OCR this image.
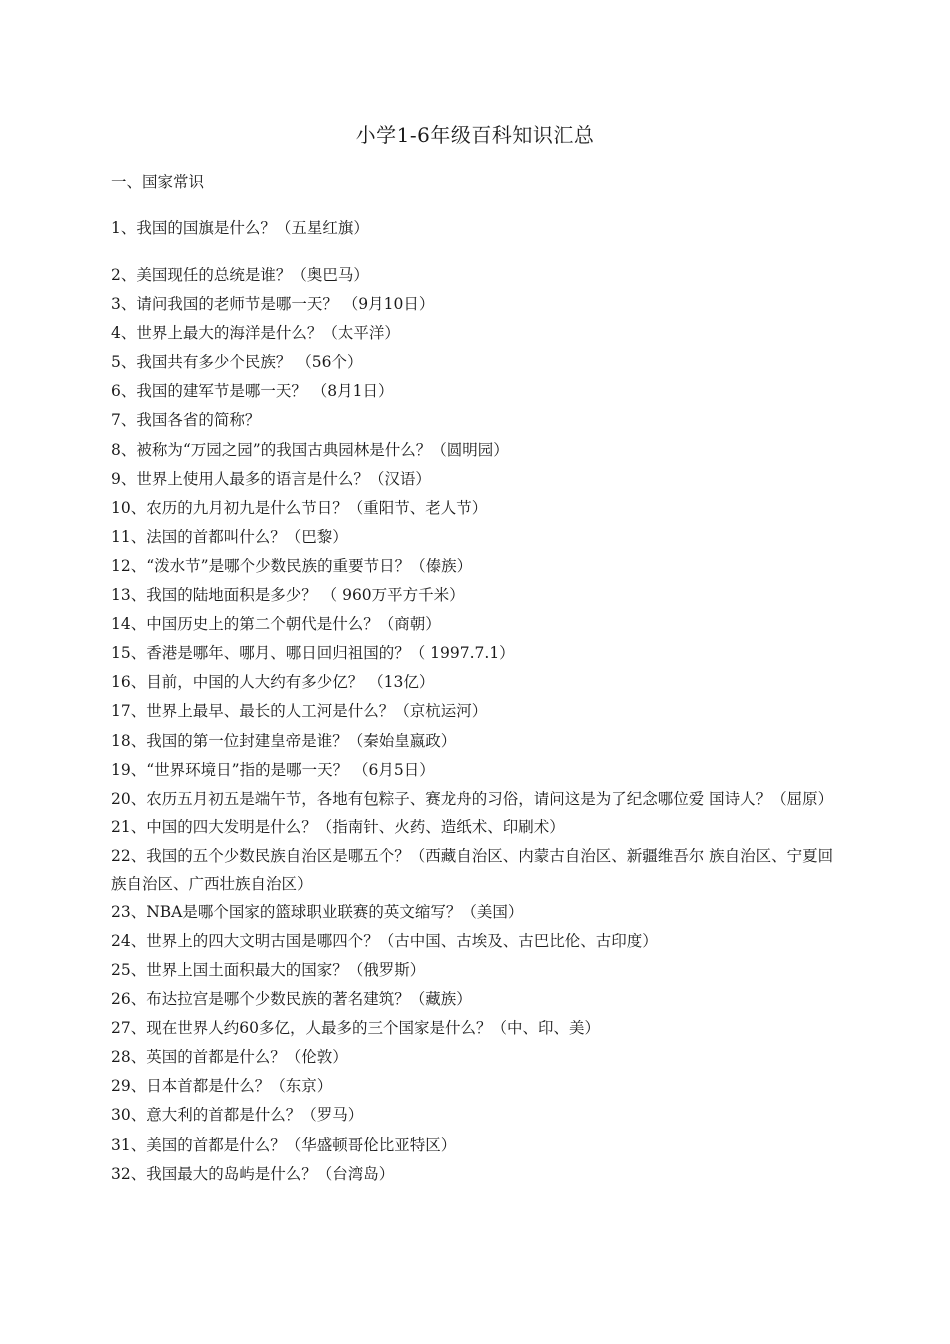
小学1-6年级百科知识汇总
一、国家常识
1、我国的国旗是什么？（五星红旗）
2、美国现任的总统是谁？（奥巴马）
3、请问我国的老师节是哪一天？ （9月10日）
4、世界上最大的海洋是什么？（太平洋）
5、我国共有多少个民族？ （56个）
6、我国的建军节是哪一天？ （8月1日）
7、我国各省的简称？
8、被称为“万园之园”的我国古典园林是什么？（圆明园）
9、世界上使用人最多的语言是什么？（汉语）
10、农历的九月初九是什么节日？（重阳节、老人节）
11、法国的首都叫什么？（巴黎）
12、“泼水节”是哪个少数民族的重要节日？（傣族）
13、我国的陆地面积是多少？ （ 960万平方千米）
14、中国历史上的第二个朝代是什么？（商朝）
15、香港是哪年、哪月、哪日回归祖国的？（ 1997.7.1）
16、目前，中国的人大约有多少亿？ （13亿）
17、世界上最早、最长的人工河是什么？（京杭运河）
18、我国的第一位封建皇帝是谁？（秦始皇嬴政）
19、“世界环境日”指的是哪一天？ （6月5日）
20、农历五月初五是端午节，各地有包粽子、赛龙舟的习俗，请问这是为了纪念哪位爱 国诗人？（屈原）
21、中国的四大发明是什么？（指南针、火药、造纸术、印刷术）
22、我国的五个少数民族自治区是哪五个？（西藏自治区、内蒙古自治区、新疆维吾尔 族自治区、宁夏回族自治区、广西壮族自治区）
23、NBA是哪个国家的篮球职业联赛的英文缩写？（美国）
24、世界上的四大文明古国是哪四个？（古中国、古埃及、古巴比伦、古印度）
25、世界上国土面积最大的国家？（俄罗斯）
26、布达拉宫是哪个少数民族的著名建筑？（藏族）
27、现在世界人约60多亿，人最多的三个国家是什么？（中、印、美）
28、英国的首都是什么？（伦敦）
29、日本首都是什么？（东京）
30、意大利的首都是什么？（罗马）
31、美国的首都是什么？（华盛顿哥伦比亚特区）
32、我国最大的岛屿是什么？（台湾岛）
